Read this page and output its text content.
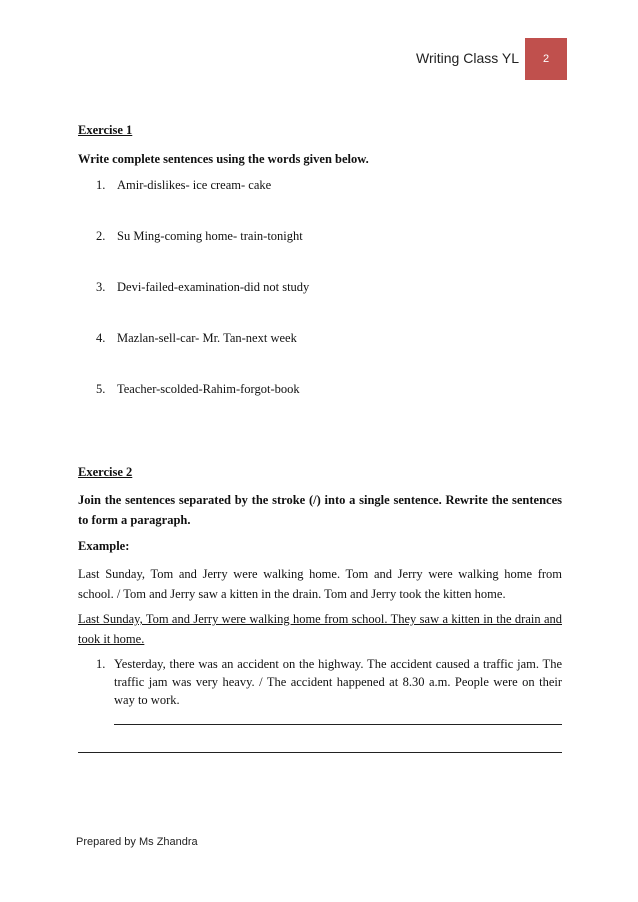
Writing Class YL	2
Exercise 1
Write complete sentences using the words given below.
1. Amir-dislikes- ice cream- cake
2. Su Ming-coming home- train-tonight
3. Devi-failed-examination-did not study
4. Mazlan-sell-car- Mr. Tan-next week
5. Teacher-scolded-Rahim-forgot-book
Exercise 2
Join the sentences separated by the stroke (/) into a single sentence. Rewrite the sentences to form a paragraph.
Example:
Last Sunday, Tom and Jerry were walking home. Tom and Jerry were walking home from school. / Tom and Jerry saw a kitten in the drain. Tom and Jerry took the kitten home.
Last Sunday, Tom and Jerry were walking home from school. They saw a kitten in the drain and took it home.
1. Yesterday, there was an accident on the highway. The accident caused a traffic jam. The traffic jam was very heavy. / The accident happened at 8.30 a.m. People were on their way to work.
Prepared by Ms Zhandra
